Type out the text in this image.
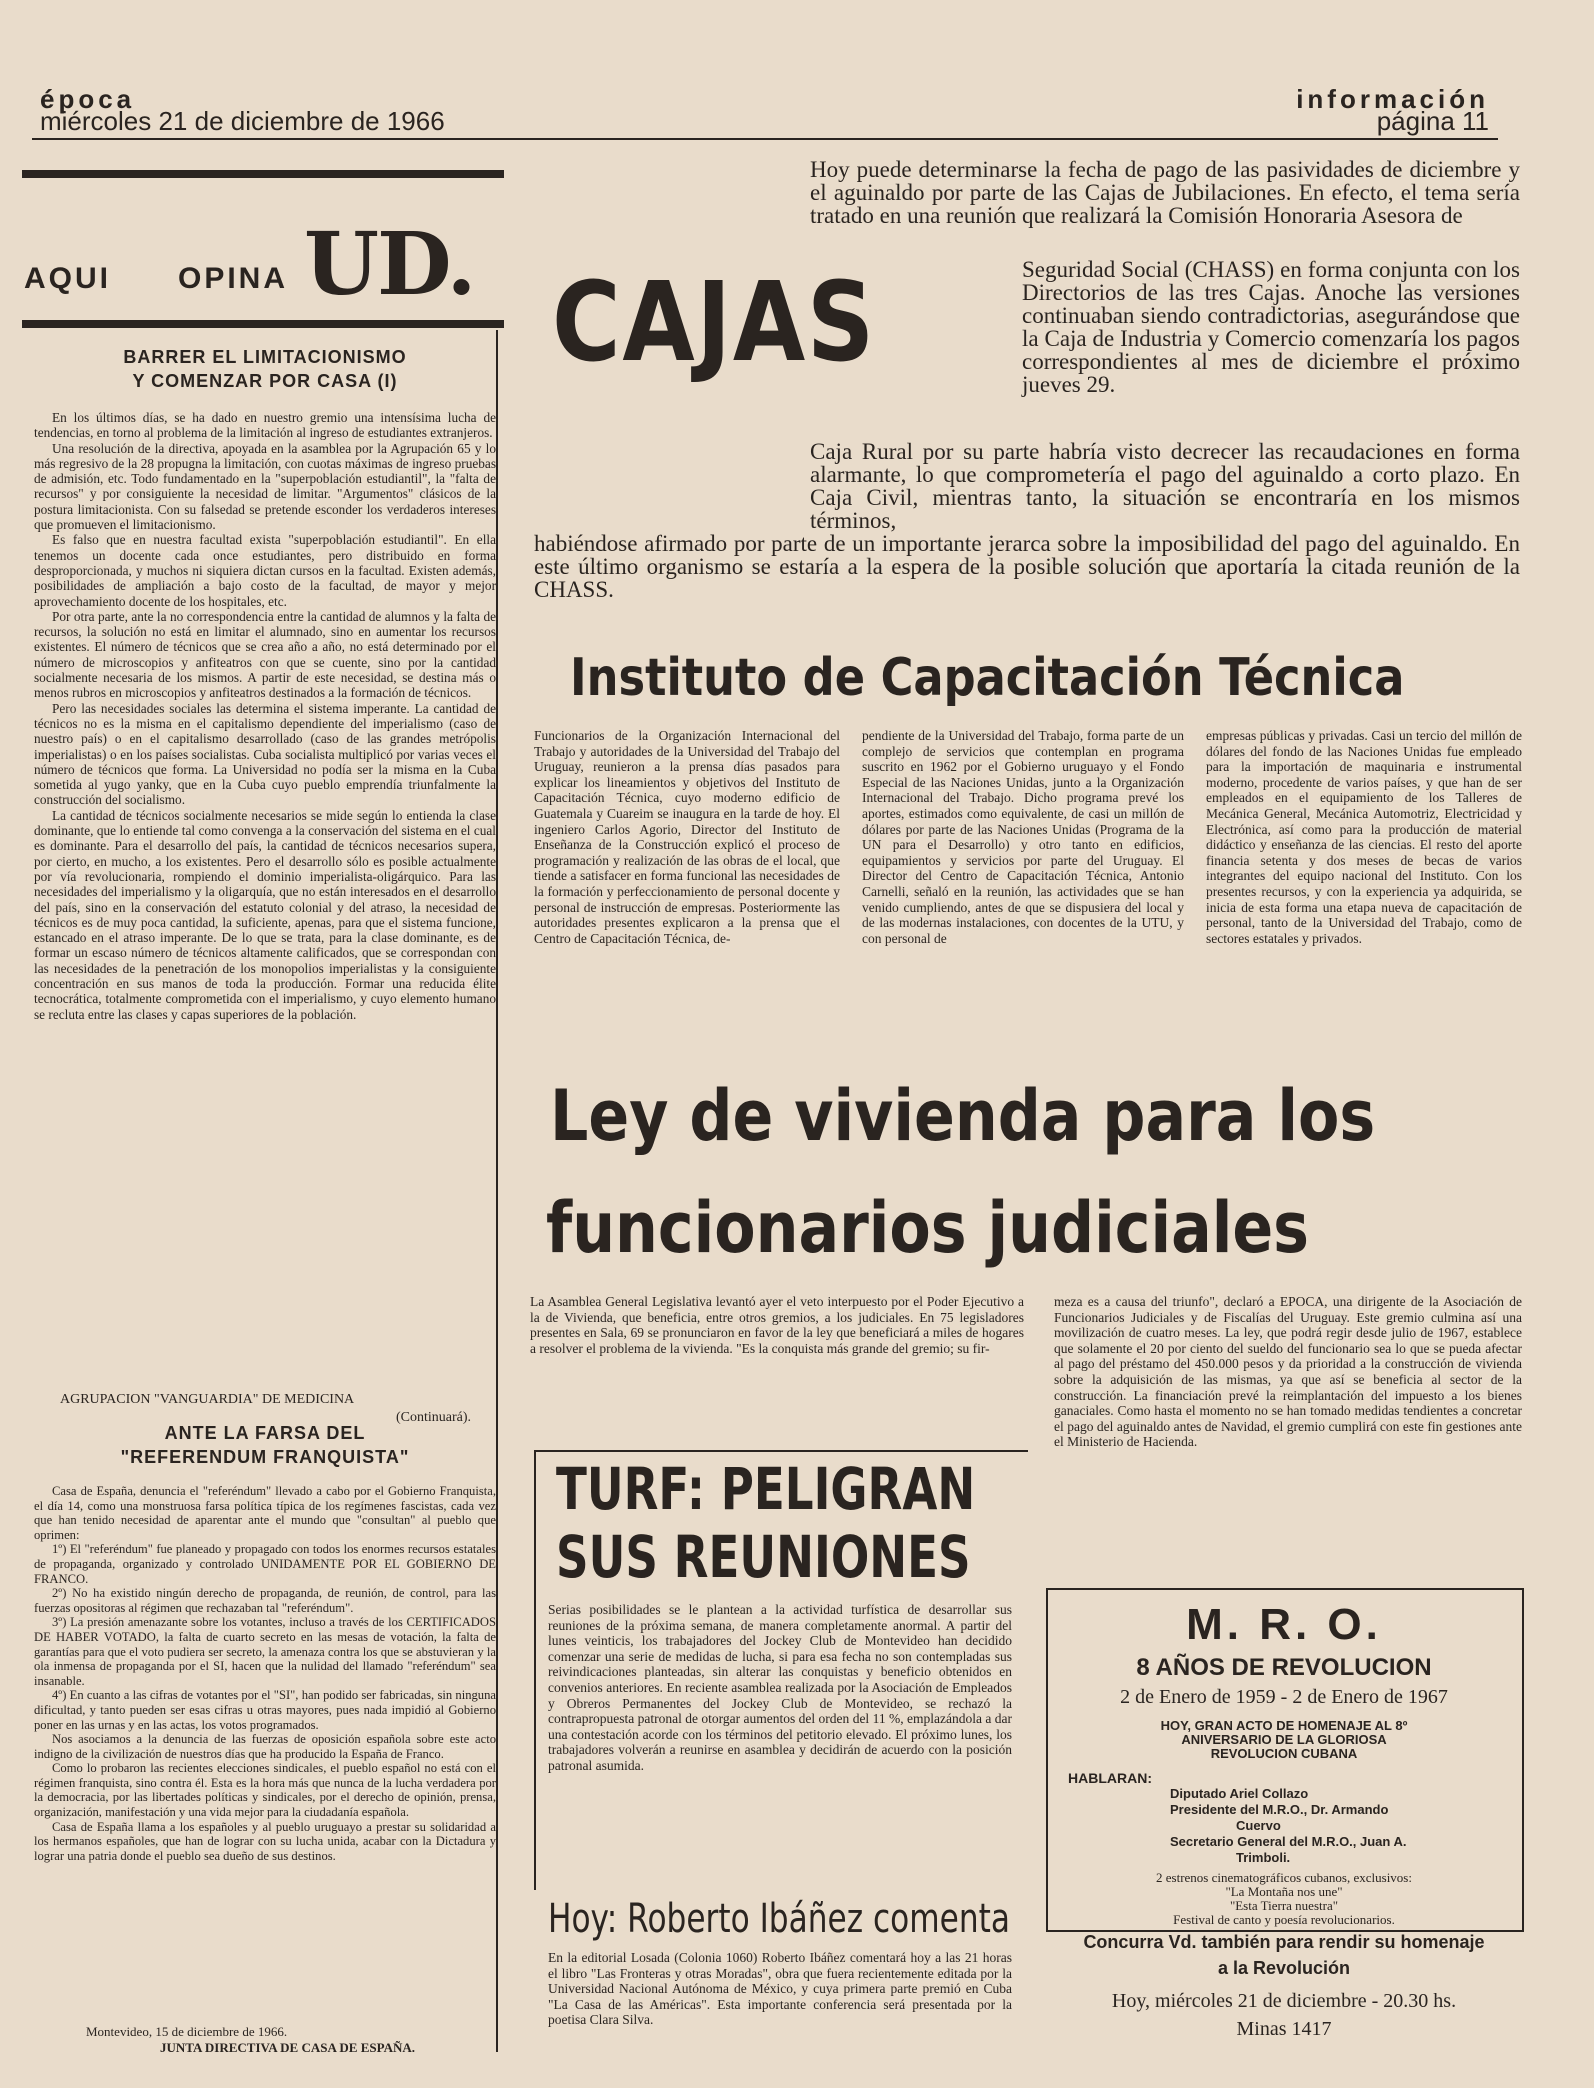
época
miércoles 21 de diciembre de 1966
información
página 11
AQUI OPINA UD.
BARRER EL LIMITACIONISMO
Y COMENZAR POR CASA (I)

En los últimos días, se ha dado en nuestro gremio una intensísima lucha de tendencias, en torno al problema de la limitación al ingreso de estudiantes extranjeros.

Una resolución de la directiva, apoyada en la asamblea por la Agrupación 65 y lo más regresivo de la 28 propugna la limitación, con cuotas máximas de ingreso pruebas de admisión, etc. Todo fundamentado en la "superpoblación estudiantil", la "falta de recursos" y por consiguiente la necesidad de limitar. "Argumentos" clásicos de la postura limitacionista. Con su falsedad se pretende esconder los verdaderos intereses que promueven el limitacionismo.

Es falso que en nuestra facultad exista "superpoblación estudiantil". En ella tenemos un docente cada once estudiantes, pero distribuido en forma desproporcionada, y muchos ni siquiera dictan cursos en la facultad. Existen además, posibilidades de ampliación a bajo costo de la facultad, de mayor y mejor aprovechamiento docente de los hospitales, etc.

Por otra parte, ante la no correspondencia entre la cantidad de alumnos y la falta de recursos, la solución no está en limitar el alumnado, sino en aumentar los recursos existentes. El número de técnicos que se crea año a año, no está determinado por el número de microscopios y anfiteatros con que se cuente, sino por la cantidad socialmente necesaria de los mismos. A partir de este necesidad, se destina más o menos rubros en microscopios y anfiteatros destinados a la formación de técnicos.

Pero las necesidades sociales las determina el sistema imperante. La cantidad de técnicos no es la misma en el capitalismo dependiente del imperialismo (caso de nuestro país) o en el capitalismo desarrollado (caso de las grandes metrópolis imperialistas) o en los países socialistas. Cuba socialista multiplicó por varias veces el número de técnicos que forma. La Universidad no podía ser la misma en la Cuba sometida al yugo yanky, que en la Cuba cuyo pueblo emprendía triunfalmente la construcción del socialismo.

La cantidad de técnicos socialmente necesarios se mide según lo entienda la clase dominante, que lo entiende tal como convenga a la conservación del sistema en el cual es dominante. Para el desarrollo del país, la cantidad de técnicos necesarios supera, por cierto, en mucho, a los existentes. Pero el desarrollo sólo es posible actualmente por vía revolucionaria, rompiendo el dominio imperialista-oligárquico. Para las necesidades del imperialismo y la oligarquía, que no están interesados en el desarrollo del país, sino en la conservación del estatuto colonial y del atraso, la necesidad de técnicos es de muy poca cantidad, la suficiente, apenas, para que el sistema funcione, estancado en el atraso imperante. De lo que se trata, para la clase dominante, es de formar un escaso número de técnicos altamente calificados, que se correspondan con las necesidades de la penetración de los monopolios imperialistas y la consiguiente concentración en sus manos de toda la producción. Formar una reducida élite tecnocrática, totalmente comprometida con el imperialismo, y cuyo elemento humano se recluta entre las clases y capas superiores de la población.

AGRUPACION "VANGUARDIA" DE MEDICINA
(Continuará).
ANTE LA FARSA DEL
"REFERENDUM FRANQUISTA"

Casa de España, denuncia el "referéndum" llevado a cabo por el Gobierno Franquista, el día 14, como una monstruosa farsa política típica de los regímenes fascistas, cada vez que han tenido necesidad de aparentar ante el mundo que "consultan" al pueblo que oprimen:

1º) El "referéndum" fue planeado y propagado con todos los enormes recursos estatales de propaganda, organizado y controlado UNIDAMENTE POR EL GOBIERNO DE FRANCO.

2º) No ha existido ningún derecho de propaganda, de reunión, de control, para las fuerzas opositoras al régimen que rechazaban tal "referéndum".

3º) La presión amenazante sobre los votantes, incluso a través de los CERTIFICADOS DE HABER VOTADO, la falta de cuarto secreto en las mesas de votación, la falta de garantías para que el voto pudiera ser secreto, la amenaza contra los que se abstuvieran y la ola inmensa de propaganda por el SI, hacen que la nulidad del llamado "referéndum" sea insanable.

4º) En cuanto a las cifras de votantes por el "SI", han podido ser fabricadas, sin ninguna dificultad, y tanto pueden ser esas cifras u otras mayores, pues nada impidió al Gobierno poner en las urnas y en las actas, los votos programados.

Nos asociamos a la denuncia de las fuerzas de oposición española sobre este acto indigno de la civilización de nuestros días que ha producido la España de Franco.

Como lo probaron las recientes elecciones sindicales, el pueblo español no está con el régimen franquista, sino contra él. Esta es la hora más que nunca de la lucha verdadera por la democracia, por las libertades políticas y sindicales, por el derecho de opinión, prensa, organización, manifestación y una vida mejor para la ciudadanía española.

Casa de España llama a los españoles y al pueblo uruguayo a prestar su solidaridad a los hermanos españoles, que han de lograr con su lucha unida, acabar con la Dictadura y lograr una patria donde el pueblo sea dueño de sus destinos.

Montevideo, 15 de diciembre de 1966.
JUNTA DIRECTIVA DE CASA DE ESPAÑA.
Hoy puede determinarse la fecha de pago de las pasividades de diciembre y el aguinaldo por parte de las Cajas de Jubilaciones. En efecto, el tema sería tratado en una reunión que realizará la Comisión Honoraria Asesora de
CAJAS	Seguridad Social (CHASS) en forma conjunta con los Directorios de las tres Cajas. Anoche las versiones continuaban siendo contradictorias, asegurándose que la Caja de Industria y Comercio comenzaría los pagos correspondientes al mes de diciembre el próximo jueves 29.
Caja Rural por su parte habría visto decrecer las recaudaciones en forma alarmante, lo que comprometería el pago del aguinaldo a corto plazo. En Caja Civil, mientras tanto, la situación se encontraría en los mismos términos,
habiéndose afirmado por parte de un importante jerarca sobre la imposibilidad del pago del aguinaldo. En este último organismo se estaría a la espera de la posible solución que aportaría la citada reunión de la CHASS.
Instituto de Capacitación Técnica
Funcionarios de la Organización Internacional del Trabajo y autoridades de la Universidad del Trabajo del Uruguay, reunieron a la prensa días pasados para explicar los lineamientos y objetivos del Instituto de Capacitación Técnica, cuyo moderno edificio de Guatemala y Cuareim se inaugura en la tarde de hoy. El ingeniero Carlos Agorio, Director del Instituto de Enseñanza de la Construcción explicó el proceso de programación y realización de las obras de el local, que tiende a satisfacer en forma funcional las necesidades de la formación y perfeccionamiento de personal docente y personal de instrucción de empresas. Posteriormente las autoridades presentes explicaron a la prensa que el Centro de Capacitación Técnica, de-
pendiente de la Universidad del Trabajo, forma parte de un complejo de servicios que contemplan en programa suscrito en 1962 por el Gobierno uruguayo y el Fondo Especial de las Naciones Unidas, junto a la Organización Internacional del Trabajo. Dicho programa prevé los aportes, estimados como equivalente, de casi un millón de dólares por parte de las Naciones Unidas (Programa de la UN para el Desarrollo) y otro tanto en edificios, equipamientos y servicios por parte del Uruguay. El Director del Centro de Capacitación Técnica, Antonio Carnelli, señaló en la reunión, las actividades que se han venido cumpliendo, antes de que se dispusiera del local y de las modernas instalaciones, con docentes de la UTU, y con personal de
empresas públicas y privadas. Casi un tercio del millón de dólares del fondo de las Naciones Unidas fue empleado para la importación de maquinaria e instrumental moderno, procedente de varios países, y que han de ser empleados en el equipamiento de los Talleres de Mecánica General, Mecánica Automotriz, Electricidad y Electrónica, así como para la producción de material didáctico y enseñanza de las ciencias. El resto del aporte financia setenta y dos meses de becas de varios integrantes del equipo nacional del Instituto. Con los presentes recursos, y con la experiencia ya adquirida, se inicia de esta forma una etapa nueva de capacitación de personal, tanto de la Universidad del Trabajo, como de sectores estatales y privados.
Ley de vivienda para los
funcionarios judiciales
La Asamblea General Legislativa levantó ayer el veto interpuesto por el Poder Ejecutivo a la de Vivienda, que beneficia, entre otros gremios, a los judiciales. En 75 legisladores presentes en Sala, 69 se pronunciaron en favor de la ley que beneficiará a miles de hogares a resolver el problema de la vivienda. "Es la conquista más grande del gremio; su fir-
meza es a causa del triunfo", declaró a EPOCA, una dirigente de la Asociación de Funcionarios Judiciales y de Fiscalías del Uruguay. Este gremio culmina así una movilización de cuatro meses. La ley, que podrá regir desde julio de 1967, establece que solamente el 20 por ciento del sueldo del funcionario sea lo que se pueda afectar al pago del préstamo del 450.000 pesos y da prioridad a la construcción de vivienda sobre la adquisición de las mismas, ya que así se beneficia al sector de la construcción. La financiación prevé la reimplantación del impuesto a los bienes ganaciales. Como hasta el momento no se han tomado medidas tendientes a concretar el pago del aguinaldo antes de Navidad, el gremio cumplirá con este fin gestiones ante el Ministerio de Hacienda.
TURF: PELIGRAN
SUS REUNIONES
Serias posibilidades se le plantean a la actividad turfística de desarrollar sus reuniones de la próxima semana, de manera completamente anormal. A partir del lunes veinticis, los trabajadores del Jockey Club de Montevideo han decidido comenzar una serie de medidas de lucha, si para esa fecha no son contempladas sus reivindicaciones planteadas, sin alterar las conquistas y beneficio obtenidos en convenios anteriores. En reciente asamblea realizada por la Asociación de Empleados y Obreros Permanentes del Jockey Club de Montevideo, se rechazó la contrapropuesta patronal de otorgar aumentos del orden del 11 %, emplazándola a dar una contestación acorde con los términos del petitorio elevado. El próximo lunes, los trabajadores volverán a reunirse en asamblea y decidirán de acuerdo con la posición patronal asumida.
Hoy: Roberto Ibáñez comenta
En la editorial Losada (Colonia 1060) Roberto Ibáñez comentará hoy a las 21 horas el libro "Las Fronteras y otras Moradas", obra que fuera recientemente editada por la Universidad Nacional Autónoma de México, y cuya primera parte premió en Cuba "La Casa de las Américas". Esta importante conferencia será presentada por la poetisa Clara Silva.
M. R. O.
8 AÑOS DE REVOLUCION
2 de Enero de 1959 - 2 de Enero de 1967
HOY, GRAN ACTO DE HOMENAJE AL 8º
ANIVERSARIO DE LA GLORIOSA
REVOLUCION CUBANA
HABLARAN:
Diputado Ariel Collazo
Presidente del M.R.O., Dr. Armando
Cuervo
Secretario General del M.R.O., Juan A.
Trimboli.
2 estrenos cinematográficos cubanos, exclusivos:
"La Montaña nos une"
"Esta Tierra nuestra"
Festival de canto y poesía revolucionarios.
Concurra Vd. también para rendir su homenaje
a la Revolución
Hoy, miércoles 21 de diciembre - 20.30 hs.
Minas 1417
